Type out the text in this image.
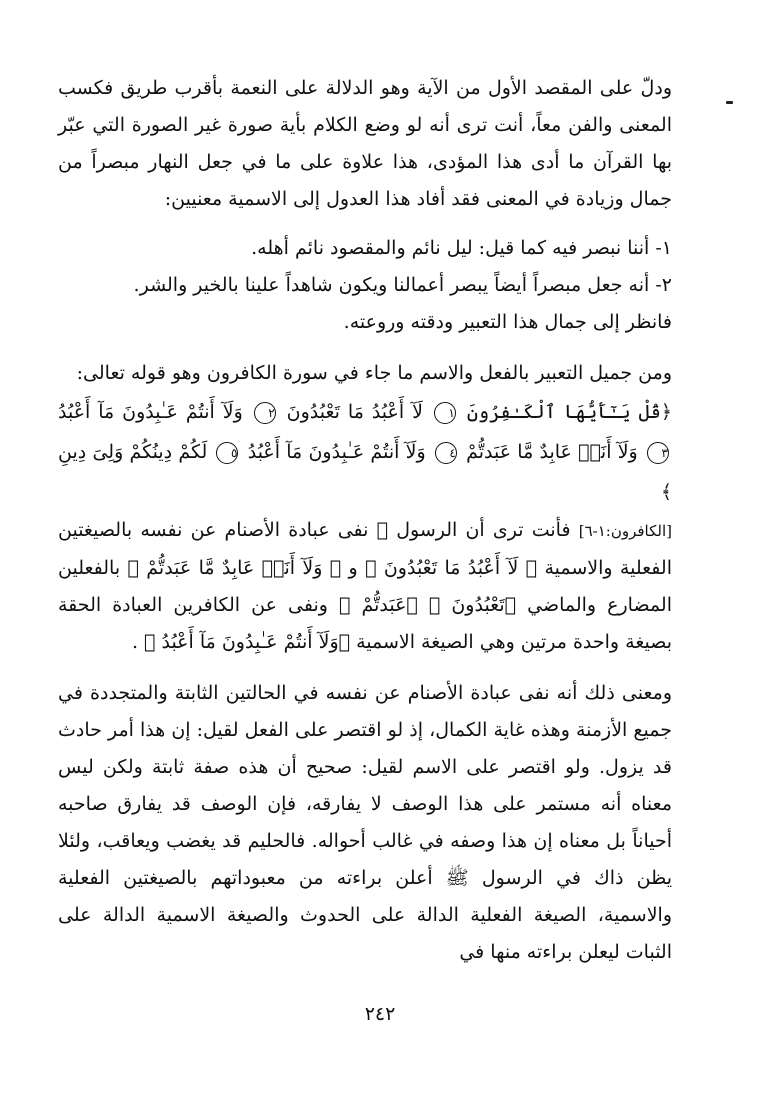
ودلّ على المقصد الأول من الآية وهو الدلالة على النعمة بأقرب طريق فكسب المعنى والفن معاً، أنت ترى أنه لو وضع الكلام بأية صورة غير الصورة التي عبّر بها القرآن ما أدى هذا المؤدى، هذا علاوة على ما في جعل النهار مبصراً من جمال وزيادة في المعنى فقد أفاد هذا العدول إلى الاسمية معنيين:

١- أننا نبصر فيه كما قيل: ليل نائم والمقصود نائم أهله.

٢- أنه جعل مبصراً أيضاً يبصر أعمالنا ويكون شاهداً علينا بالخير والشر.

فانظر إلى جمال هذا التعبير ودقته وروعته.

ومن جميل التعبير بالفعل والاسم ما جاء في سورة الكافرون وهو قوله تعالى:

﴿قُلْ يَـٰٓأَيُّهَا ٱلْكَـٰفِرُونَ ١ لَآ أَعْبُدُ مَا تَعْبُدُونَ ٢ وَلَآ أَنتُمْ عَـٰبِدُونَ مَآ أَعْبُدُ ٣ وَلَآ أَنَا۠ عَابِدٌ مَّا عَبَدتُّمْ ٤ وَلَآ أَنتُمْ عَـٰبِدُونَ مَآ أَعْبُدُ ٥ لَكُمْ دِينُكُمْ وَلِىَ دِينِ ﴾

[الكافرون:١-٦] فأنت ترى أن الرسول ﷺ نفى عبادة الأصنام عن نفسه بالصيغتين الفعلية والاسمية ﴿ لَآ أَعْبُدُ مَا تَعْبُدُونَ ﴾ و ﴿ وَلَآ أَنَا۠ عَابِدٌ مَّا عَبَدتُّمْ ﴾ بالفعلين المضارع والماضي ﴿تَعْبُدُونَ ﴾ ﴿عَبَدتُّمْ ﴾ ونفى عن الكافرين العبادة الحقة بصيغة واحدة مرتين وهي الصيغة الاسمية ﴿وَلَآ أَنتُمْ عَـٰبِدُونَ مَآ أَعْبُدُ ﴾ .

ومعنى ذلك أنه نفى عبادة الأصنام عن نفسه في الحالتين الثابتة والمتجددة في جميع الأزمنة وهذه غاية الكمال، إذ لو اقتصر على الفعل لقيل: إن هذا أمر حادث قد يزول. ولو اقتصر على الاسم لقيل: صحيح أن هذه صفة ثابتة ولكن ليس معناه أنه مستمر على هذا الوصف لا يفارقه، فإن الوصف قد يفارق صاحبه أحياناً بل معناه إن هذا وصفه في غالب أحواله. فالحليم قد يغضب ويعاقب، ولئلا يظن ذاك في الرسول ﷺ أعلن براءته من معبوداتهم بالصيغتين الفعلية والاسمية، الصيغة الفعلية الدالة على الحدوث والصيغة الاسمية الدالة على الثبات ليعلن براءته منها في

٢٤٢
